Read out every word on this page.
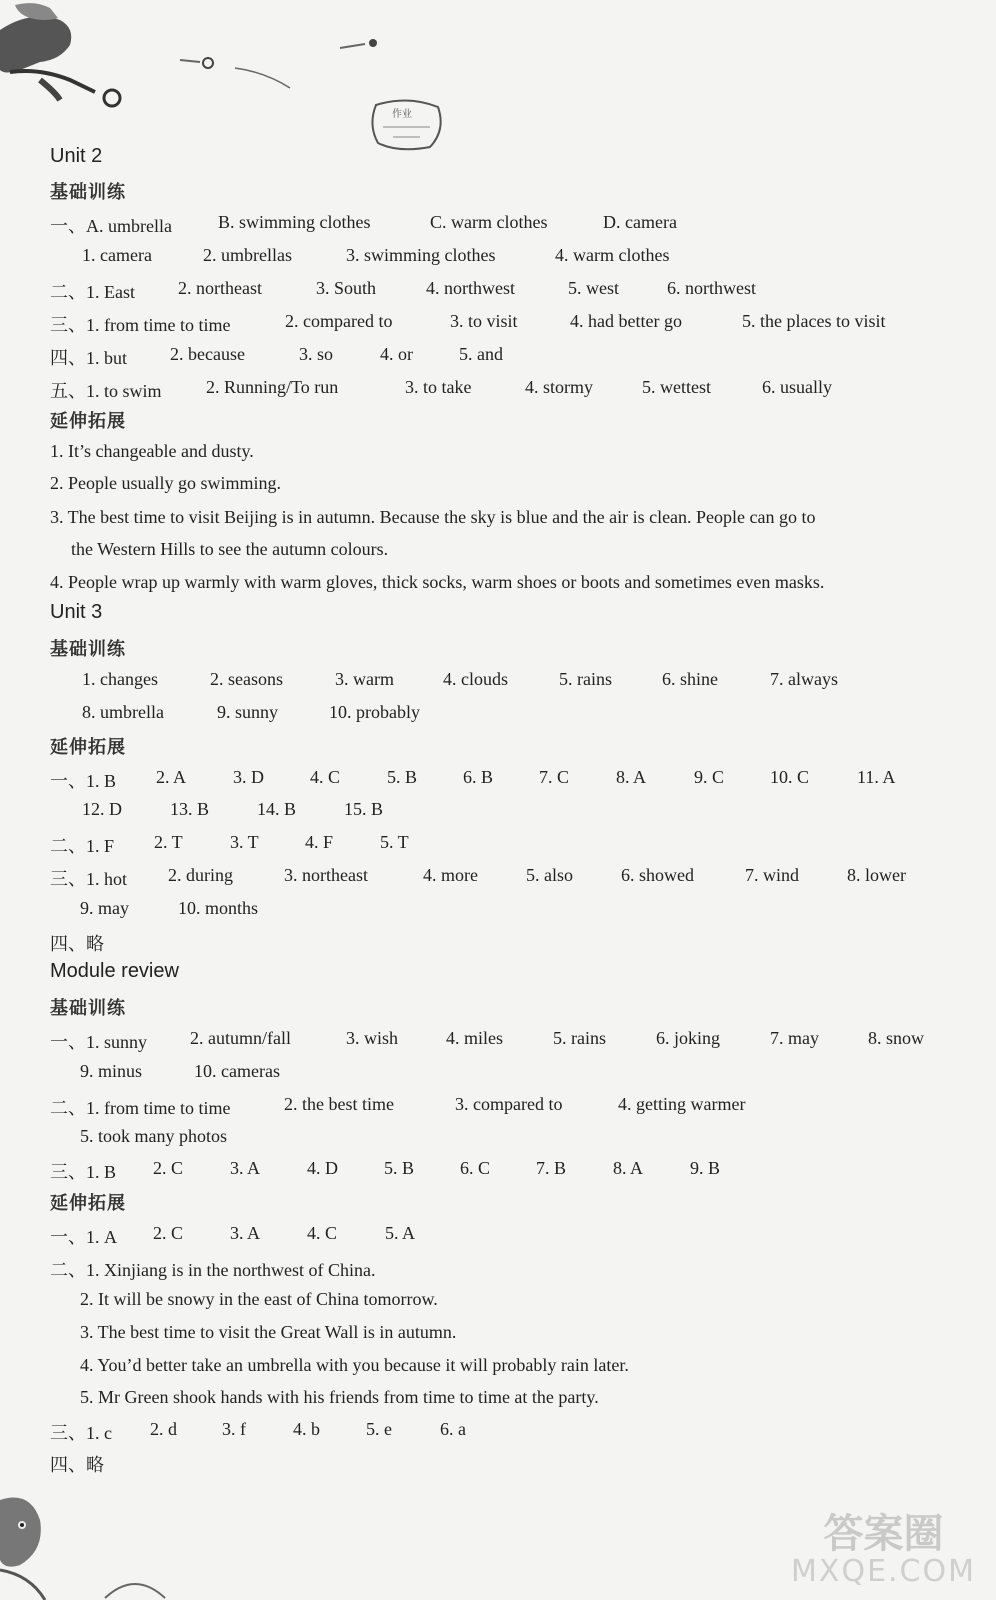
作业
Unit 2
基础训练
一、A. umbrella	B. swimming clothes	C. warm clothes	D. camera
1. camera	2. umbrellas	3. swimming clothes	4. warm clothes
二、1. East 2. northeast	3. South	4. northwest	5. west	6. northwest
三、1. from time to time	2. compared to	3. to visit	4. had better go	5. the places to visit
四、1. but 2. because	3. so	4. or	5. and
五、1. to swim 2. Running/To run	3. to take	4. stormy	5. wettest	6. usually
延伸拓展
1. It’s changeable and dusty.
2. People usually go swimming.
3. The best time to visit Beijing is in autumn. Because the sky is blue and the air is clean. People can go to
the Western Hills to see the autumn colours.
4. People wrap up warmly with warm gloves, thick socks, warm shoes or boots and sometimes even masks.
Unit 3
基础训练
1. changes	2. seasons	3. warm	4. clouds	5. rains	6. shine	7. always
8. umbrella	9. sunny	10. probably
延伸拓展
一、1. B 2. A	3. D	4. C	5. B	6. B	7. C	8. A	9. C	10. C	11. A
12. D	13. B	14. B	15. B
二、1. F 2. T	3. T	4. F	5. T
三、1. hot 2. during	3. northeast	4. more	5. also	6. showed	7. wind	8. lower
9. may	10. months
四、略
Module review
基础训练
一、1. sunny 2. autumn/fall	3. wish	4. miles	5. rains	6. joking	7. may	8. snow
9. minus	10. cameras
二、1. from time to time	2. the best time	3. compared to	4. getting warmer
5. took many photos
三、1. B 2. C	3. A	4. D	5. B	6. C	7. B	8. A	9. B
延伸拓展
一、1. A 2. C	3. A	4. C	5. A
二、1. Xinjiang is in the northwest of China.
2. It will be snowy in the east of China tomorrow.
3. The best time to visit the Great Wall is in autumn.
4. You’d better take an umbrella with you because it will probably rain later.
5. Mr Green shook hands with his friends from time to time at the party.
三、1. c 2. d	3. f	4. b	5. e	6. a
四、略
答案圈
MXQE.COM
